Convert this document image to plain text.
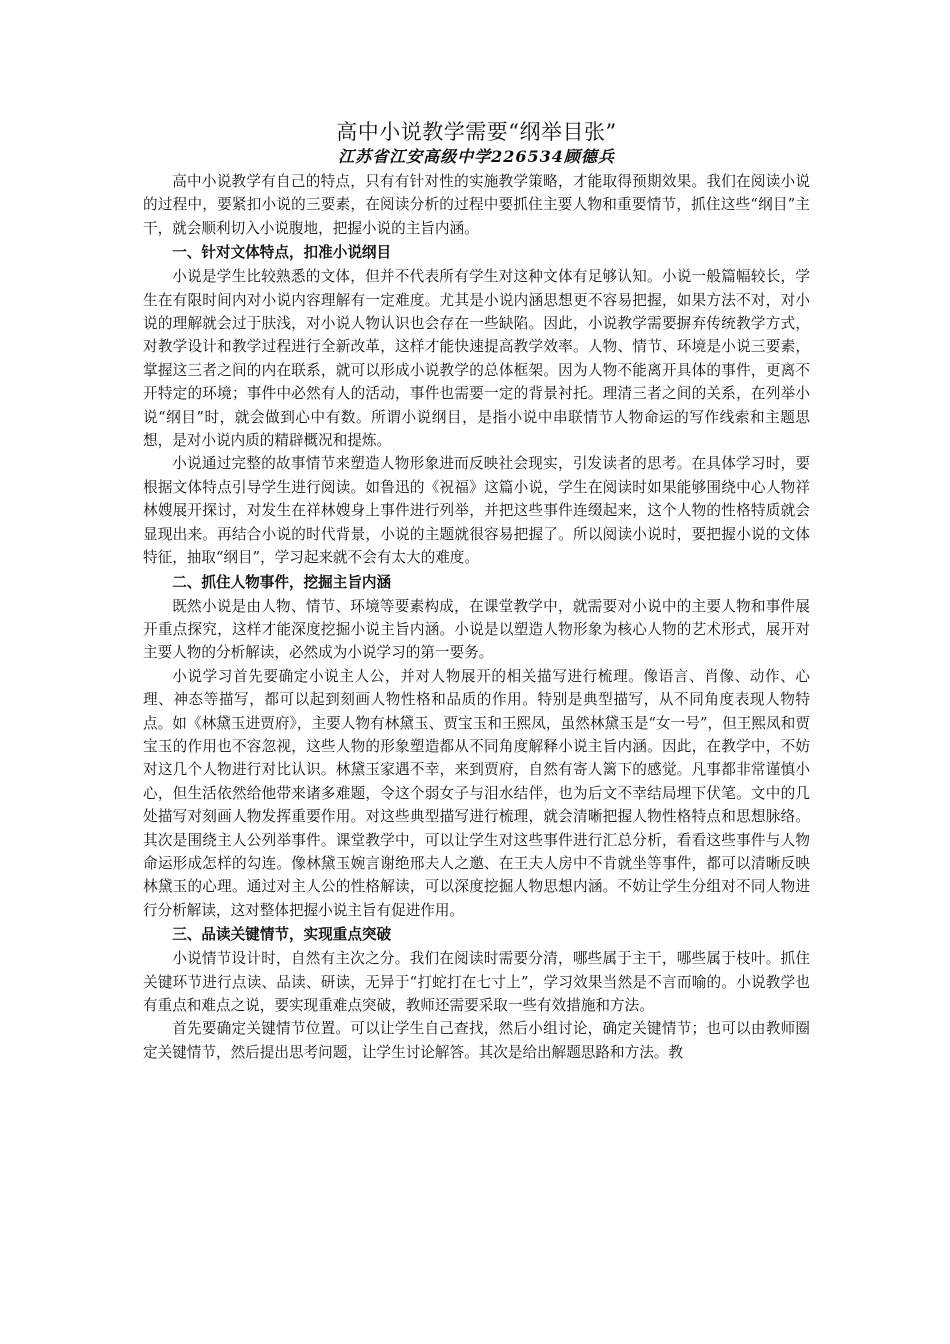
高中小说教学需要“纲举目张”
江苏省江安高级中学226534顾德兵

高中小说教学有自己的特点，只有有针对性的实施教学策略，才能取得预期效果。我们在阅读小说的过程中，要紧扣小说的三要素，在阅读分析的过程中要抓住主要人物和重要情节，抓住这些“纲目”主干，就会顺利切入小说腹地，把握小说的主旨内涵。

一、针对文体特点，扣准小说纲目

小说是学生比较熟悉的文体，但并不代表所有学生对这种文体有足够认知。小说一般篇幅较长，学生在有限时间内对小说内容理解有一定难度。尤其是小说内涵思想更不容易把握，如果方法不对，对小说的理解就会过于肤浅，对小说人物认识也会存在一些缺陷。因此，小说教学需要摒弃传统教学方式，对教学设计和教学过程进行全新改革，这样才能快速提高教学效率。人物、情节、环境是小说三要素，掌握这三者之间的内在联系，就可以形成小说教学的总体框架。因为人物不能离开具体的事件，更离不开特定的环境；事件中必然有人的活动，事件也需要一定的背景衬托。理清三者之间的关系，在列举小说“纲目”时，就会做到心中有数。所谓小说纲目，是指小说中串联情节人物命运的写作线索和主题思想，是对小说内质的精辟概况和提炼。

小说通过完整的故事情节来塑造人物形象进而反映社会现实，引发读者的思考。在具体学习时，要根据文体特点引导学生进行阅读。如鲁迅的《祝福》这篇小说，学生在阅读时如果能够围绕中心人物祥林嫂展开探讨，对发生在祥林嫂身上事件进行列举，并把这些事件连缀起来，这个人物的性格特质就会显现出来。再结合小说的时代背景，小说的主题就很容易把握了。所以阅读小说时，要把握小说的文体特征，抽取“纲目”，学习起来就不会有太大的难度。

二、抓住人物事件，挖掘主旨内涵

既然小说是由人物、情节、环境等要素构成，在课堂教学中，就需要对小说中的主要人物和事件展开重点探究，这样才能深度挖掘小说主旨内涵。小说是以塑造人物形象为核心人物的艺术形式，展开对主要人物的分析解读，必然成为小说学习的第一要务。

小说学习首先要确定小说主人公，并对人物展开的相关描写进行梳理。像语言、肖像、动作、心理、神态等描写，都可以起到刻画人物性格和品质的作用。特别是典型描写，从不同角度表现人物特点。如《林黛玉进贾府》，主要人物有林黛玉、贾宝玉和王熙凤，虽然林黛玉是“女一号”，但王熙凤和贾宝玉的作用也不容忽视，这些人物的形象塑造都从不同角度解释小说主旨内涵。因此，在教学中，不妨对这几个人物进行对比认识。林黛玉家遇不幸，来到贾府，自然有寄人篱下的感觉。凡事都非常谨慎小心，但生活依然给他带来诸多难题，令这个弱女子与泪水结伴，也为后文不幸结局埋下伏笔。文中的几处描写对刻画人物发挥重要作用。对这些典型描写进行梳理，就会清晰把握人物性格特点和思想脉络。其次是围绕主人公列举事件。课堂教学中，可以让学生对这些事件进行汇总分析，看看这些事件与人物命运形成怎样的勾连。像林黛玉婉言谢绝邢夫人之邀、在王夫人房中不肯就坐等事件，都可以清晰反映林黛玉的心理。通过对主人公的性格解读，可以深度挖掘人物思想内涵。不妨让学生分组对不同人物进行分析解读，这对整体把握小说主旨有促进作用。

三、品读关键情节，实现重点突破

小说情节设计时，自然有主次之分。我们在阅读时需要分清，哪些属于主干，哪些属于枝叶。抓住关键环节进行点读、品读、研读，无异于“打蛇打在七寸上”，学习效果当然是不言而喻的。小说教学也有重点和难点之说，要实现重难点突破，教师还需要采取一些有效措施和方法。

首先要确定关键情节位置。可以让学生自己查找，然后小组讨论，确定关键情节；也可以由教师圈定关键情节，然后提出思考问题，让学生讨论解答。其次是给出解题思路和方法。教
